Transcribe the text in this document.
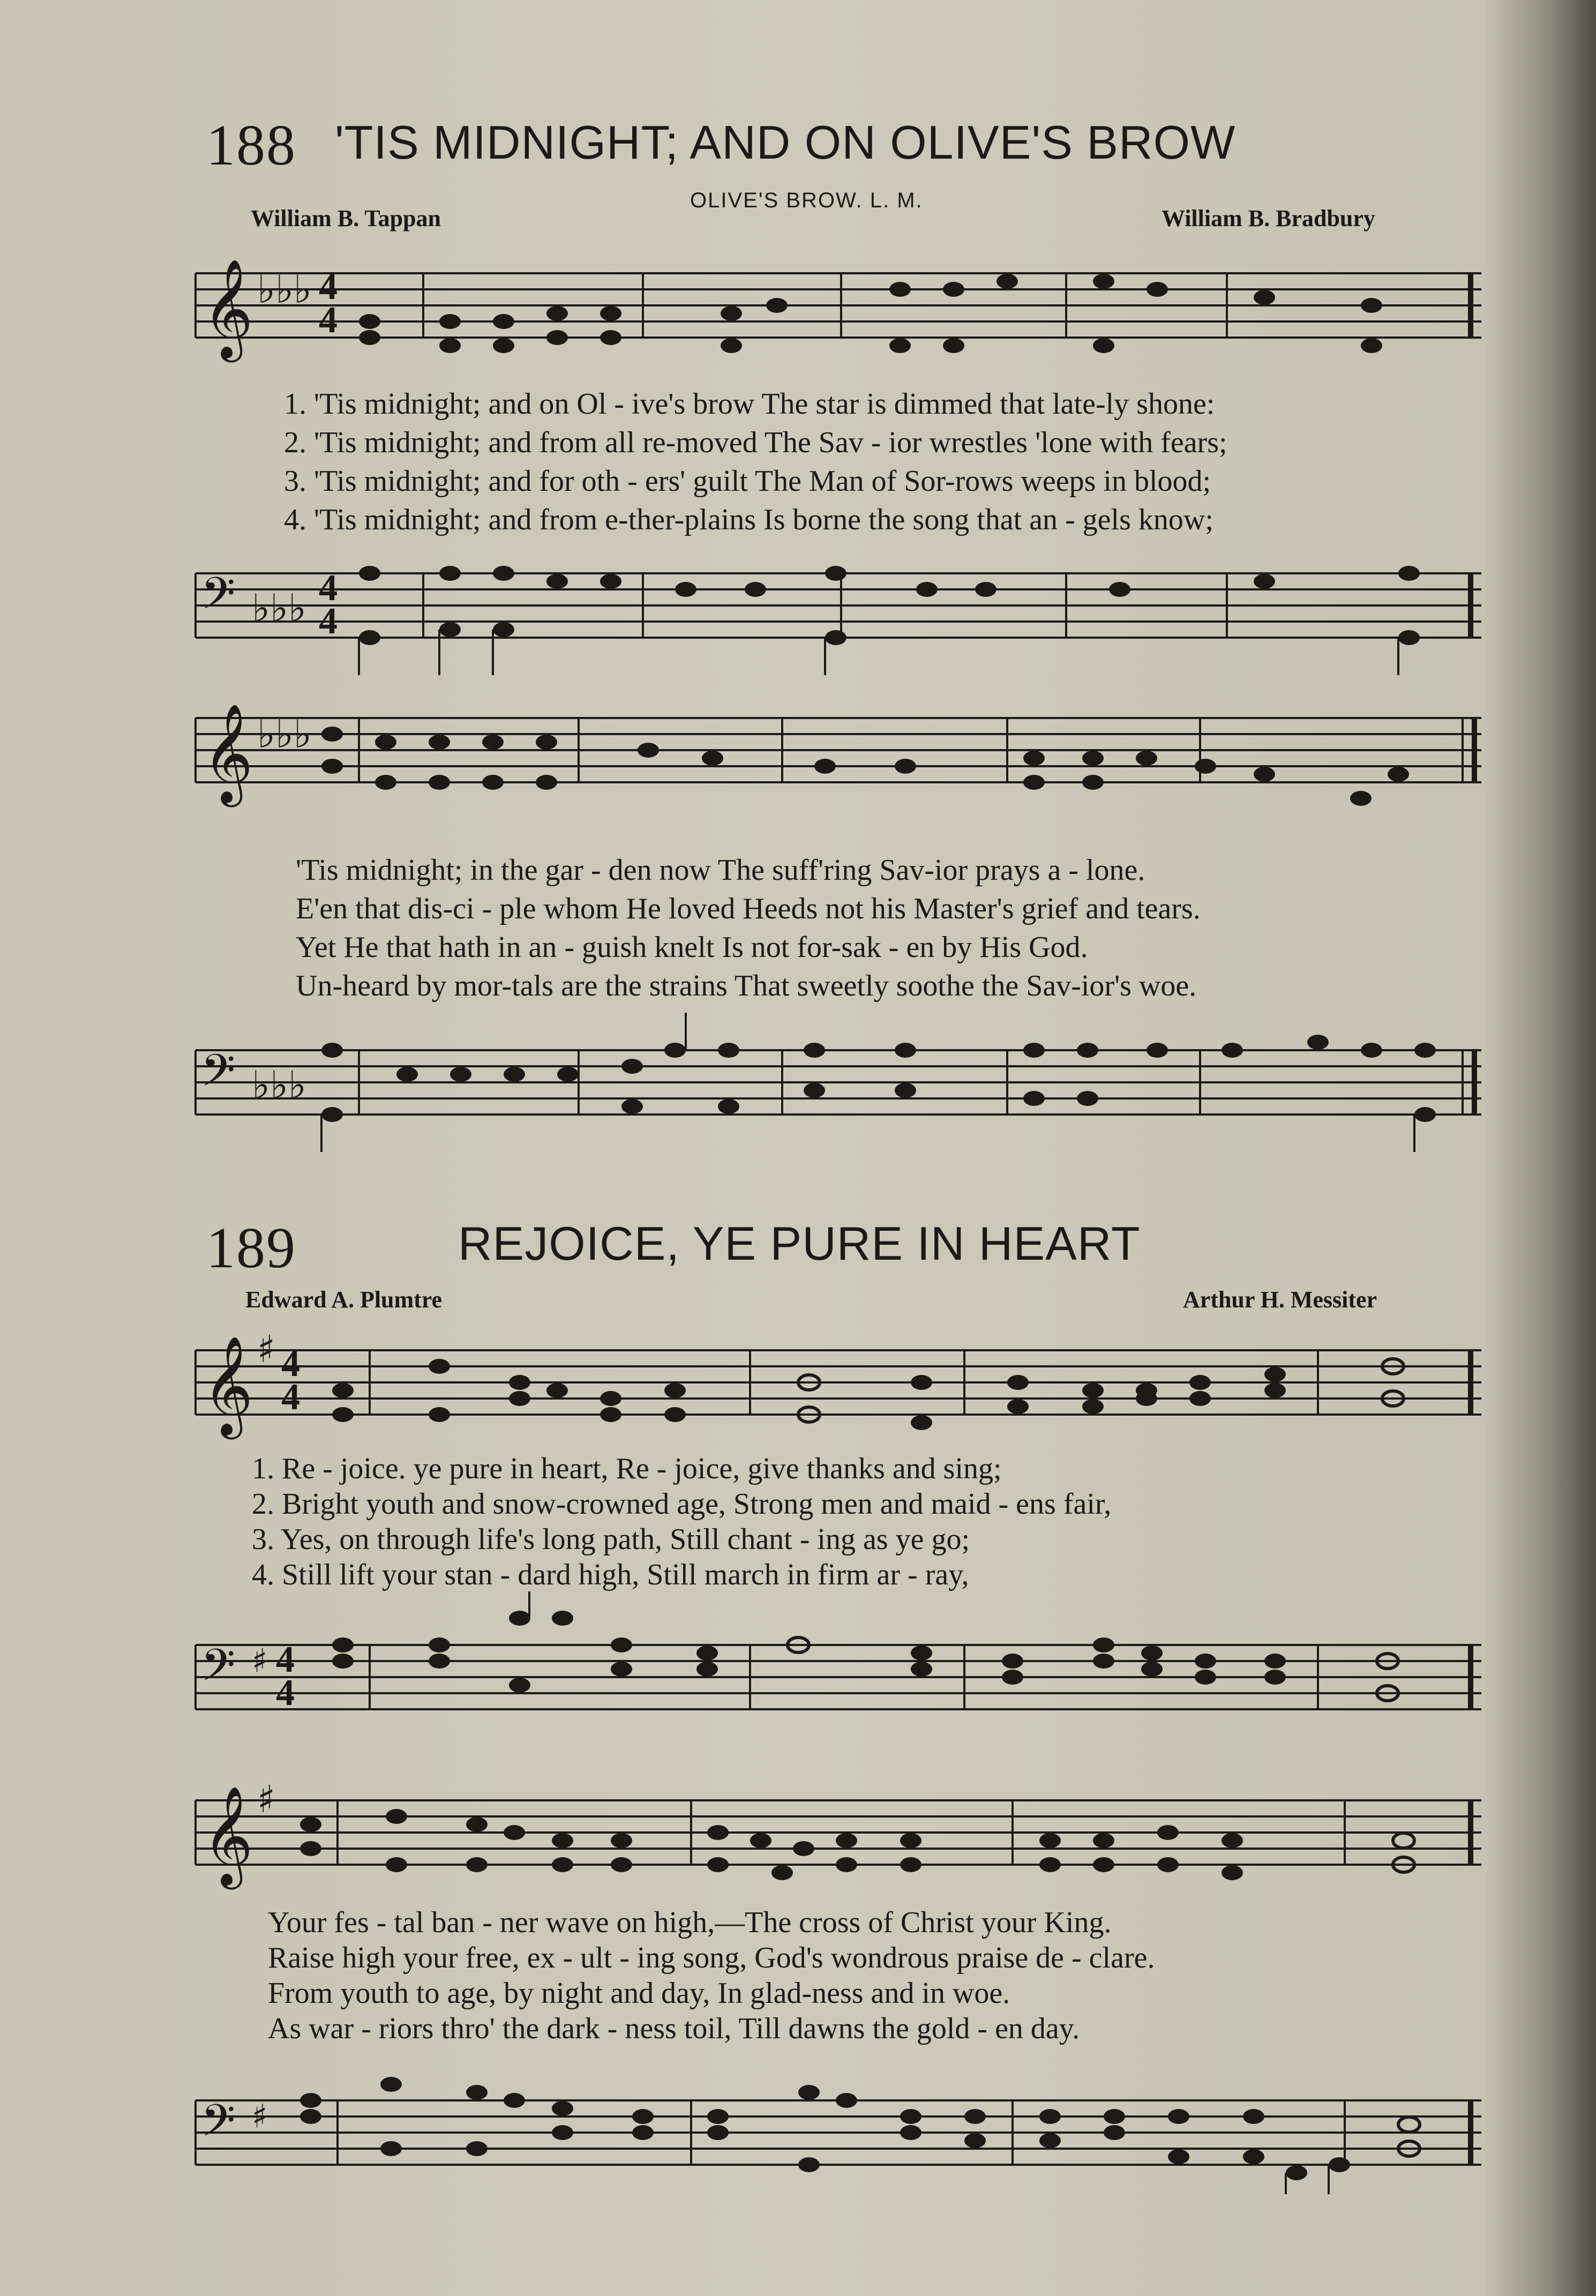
188 'TIS MIDNIGHT; AND ON OLIVE'S BROW
William B. Tappan
OLIVE'S BROW. L. M.
William B. Bradbury
𝄞 ♭♭♭ 4
4
1. 'Tis midnight; and on Ol - ive's brow The star is dimmed that late-ly shone:
2. 'Tis midnight; and from all re-moved The Sav - ior wrestles 'lone with fears;
3. 'Tis midnight; and for oth - ers' guilt The Man of Sor-rows weeps in blood;
4. 'Tis midnight; and from e-ther-plains Is borne the song that an - gels know;
𝄢 ♭♭♭ 4
4
𝄞 ♭♭♭
'Tis midnight; in the gar - den now The suff'ring Sav-ior prays a - lone.
E'en that dis-ci - ple whom He loved Heeds not his Master's grief and tears.
Yet He that hath in an - guish knelt Is not for-sak - en by His God.
Un-heard by mor-tals are the strains That sweetly soothe the Sav-ior's woe.
𝄢 ♭♭♭
189	REJOICE, YE PURE IN HEART
Edward A. Plumtre	Arthur H. Messiter
𝄞 ♯ 4
4
1. Re - joice. ye pure in heart, Re - joice, give thanks and sing;
2. Bright youth and snow-crowned age, Strong men and maid - ens fair,
3. Yes, on through life's long path, Still chant - ing as ye go;
4. Still lift your stan - dard high, Still march in firm ar - ray,
𝄢 ♯ 4
4
𝄞 ♯
Your fes - tal ban - ner wave on high,—The cross of Christ your King.
Raise high your free, ex - ult - ing song, God's wondrous praise de - clare.
From youth to age, by night and day, In glad-ness and in woe.
As war - riors thro' the dark - ness toil, Till dawns the gold - en day.
𝄢 ♯
